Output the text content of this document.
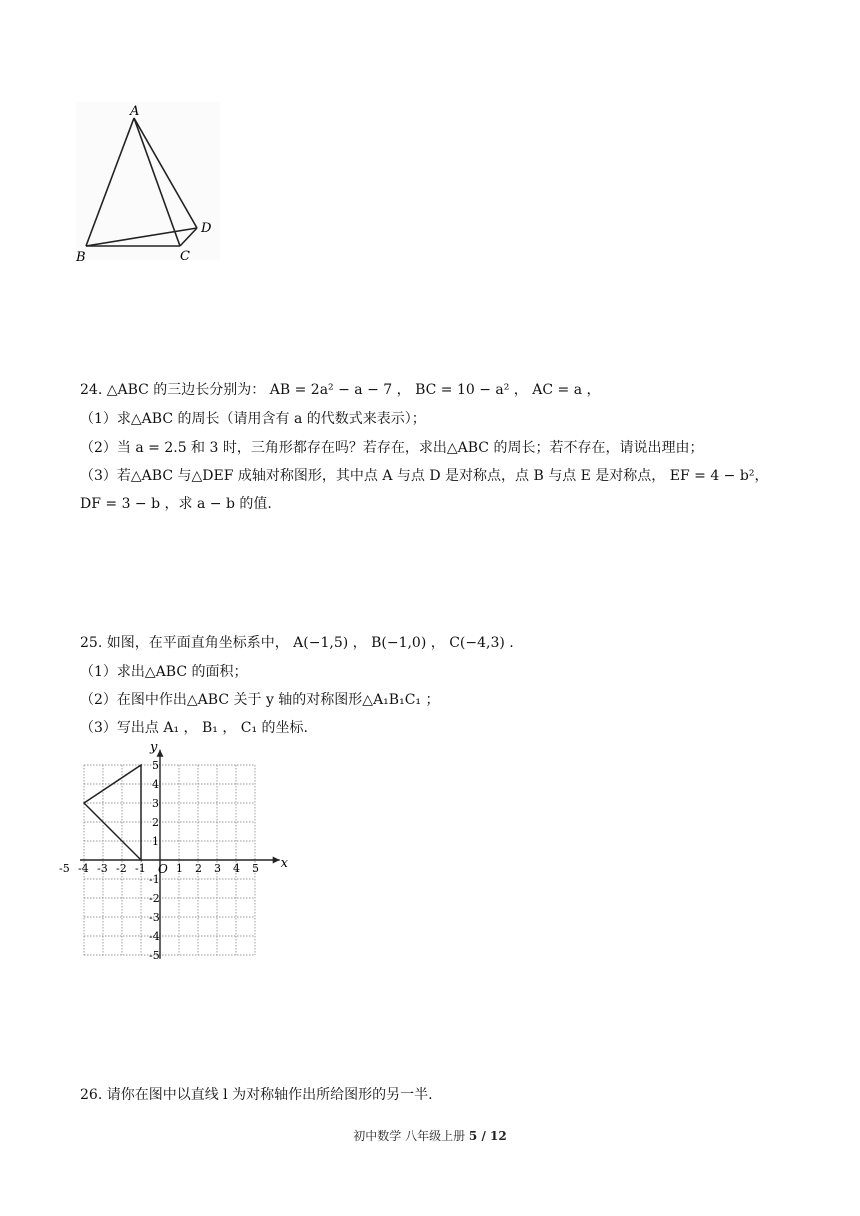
A
B	C
D
24. △ABC 的三边长分别为： AB = 2a² − a − 7 ， BC = 10 − a² ， AC = a ，
（1）求△ABC 的周长（请用含有 a 的代数式来表示）；
（2）当 a = 2.5 和 3 时，三角形都存在吗？若存在，求出△ABC 的周长；若不存在，请说出理由；
（3）若△ABC 与△DEF 成轴对称图形，其中点 A 与点 D 是对称点，点 B 与点 E 是对称点， EF = 4 − b²，
DF = 3 − b ，求 a − b 的值.
25. 如图，在平面直角坐标系中， A(−1,5) ， B(−1,0) ， C(−4,3) .
（1）求出△ABC 的面积；
（2）在图中作出△ABC 关于 y 轴的对称图形△A₁B₁C₁ ；
（3）写出点 A₁ ， B₁ ， C₁ 的坐标.
-5 -4 -3 -2 -1	1 2 3 4 5
5
4
3
2
1
-1
-2
-3
-4
-5
x
y
O
26. 请你在图中以直线 l 为对称轴作出所给图形的另一半.
初中数学 八年级上册 5 / 12
